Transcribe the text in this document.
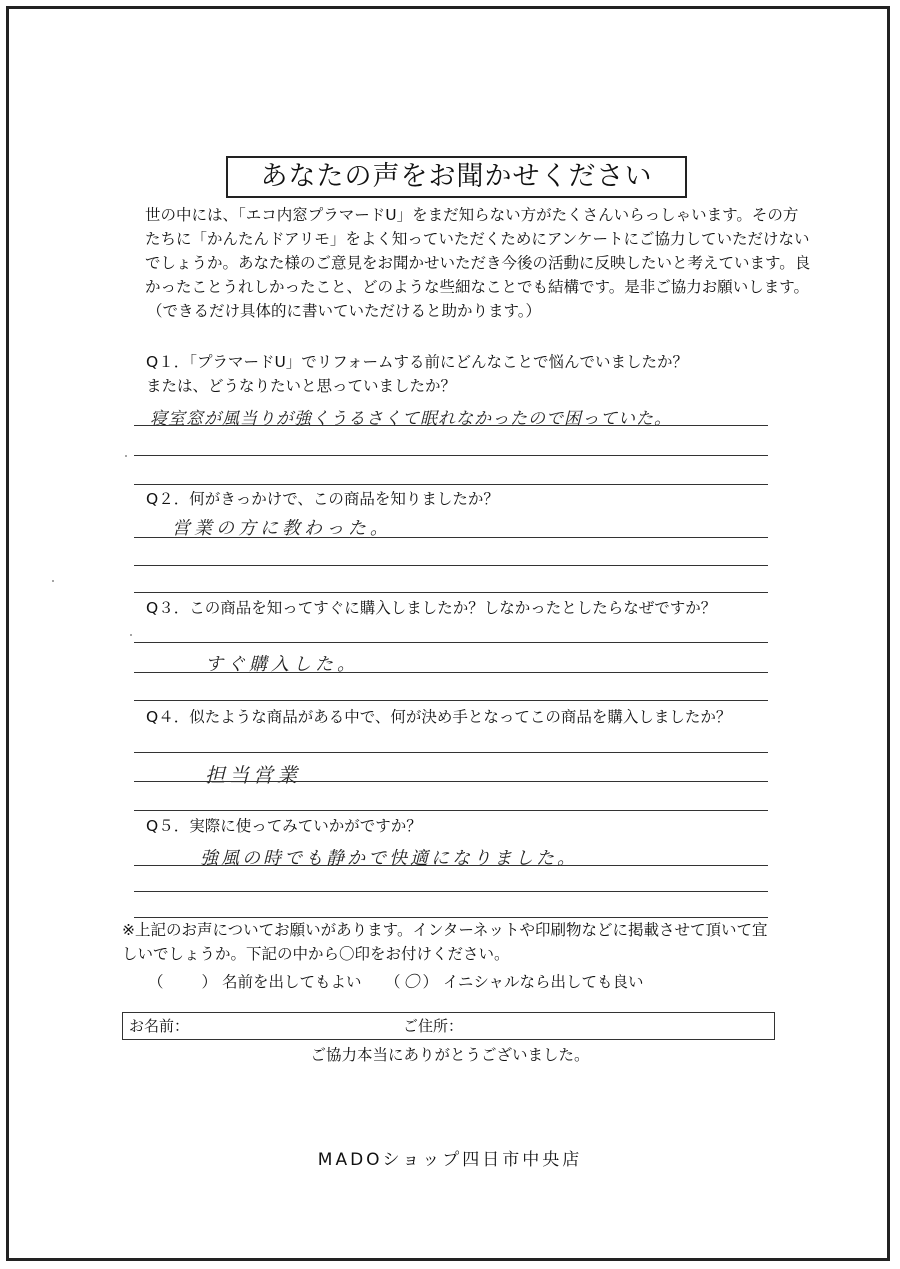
あなたの声をお聞かせください
世の中には、「エコ内窓プラマードU」をまだ知らない方がたくさんいらっしゃいます。その方
たちに「かんたんドアリモ」をよく知っていただくためにアンケートにご協力していただけない
でしょうか。あなた様のご意見をお聞かせいただき今後の活動に反映したいと考えています。良
かったことうれしかったこと、どのような些細なことでも結構です。是非ご協力お願いします。
（できるだけ具体的に書いていただけると助かります。）
Q１．「プラマードU」でリフォームする前にどんなことで悩んでいましたか？
または、どうなりたいと思っていましたか？
寝室窓が風当りが強くうるさくて眠れなかったので困っていた。
Q２．何がきっかけで、この商品を知りましたか？
営業の方に教わった。
Q３．この商品を知ってすぐに購入しましたか？しなかったとしたらなぜですか？
すぐ購入した。
Q４．似たような商品がある中で、何が決め手となってこの商品を購入しましたか？
担当営業
Q５．実際に使ってみていかがですか？
強風の時でも静かで快適になりました。
※上記のお声についてお願いがあります。インターネットや印刷物などに掲載させて頂いて宜
しいでしょうか。下記の中から〇印をお付けください。
（ ） 名前を出してもよい （ 〇 ） イニシャルなら出しても良い
お名前：	ご住所：
ご協力本当にありがとうございました。
MADOショップ四日市中央店
